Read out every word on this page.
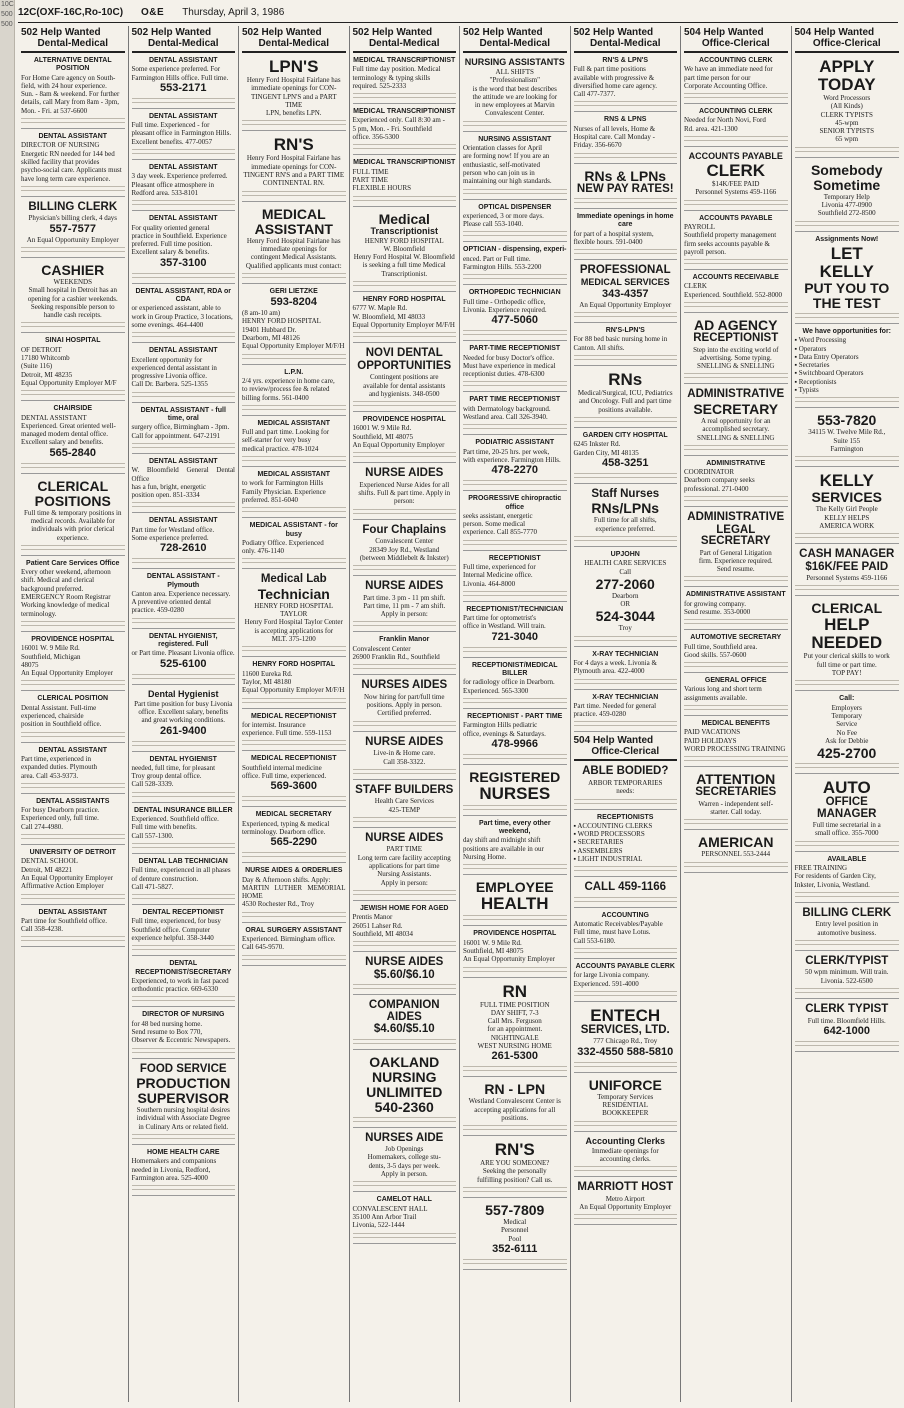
10C
500
500
12C(OXF-16C,Ro-10C) O&E Thursday, April 3, 1986
502 Help Wanted
Dental-Medical
ALTERNATIVE DENTAL POSITION
For Home Care agency on South-
field, with 24 hour experience.
Sun. - 8am & weekend. For further
details, call Mary from 8am - 3pm,
Mon. - Fri. at 537-6600
DENTAL ASSISTANT
DIRECTOR OF NURSING
Energetic RN needed for 144 bed
skilled facility that provides
psycho-social care. Applicants must
have long term care experience.
BILLING CLERK
Physician's billing clerk, 4 days
557-7577
An Equal Opportunity Employer
CASHIER
WEEKENDS
Small hospital in Detroit has an
opening for a cashier weekends.
Seeking responsible person to
handle cash receipts.
SINAI HOSPITAL
OF DETROIT
17180 Whitcomb
(Suite 116)
Detroit, MI 48235
Equal Opportunity Employer M/F
CHAIRSIDE
DENTAL ASSISTANT
Experienced. Great oriented well-
managed modern dental office.
Excellent salary and benefits.
565-2840
CLERICAL
POSITIONS
Full time & temporary positions in
medical records. Available for
individuals with prior clerical
experience.
Patient Care Services Office
Every other weekend, afternoon
shift. Medical and clerical
background preferred.
EMERGENCY Room Registrar
Working knowledge of medical
terminology.
PROVIDENCE HOSPITAL
16001 W. 9 Mile Rd.
Southfield, Michigan
48075
An Equal Opportunity Employer
CLERICAL POSITION
Dental Assistant. Full-time
experienced, chairside
position in Southfield office.
DENTAL ASSISTANT
Part time, experienced in
expanded duties. Plymouth
area. Call 453-9373.
DENTAL ASSISTANTS
For busy Dearborn practice.
Experienced only, full time.
Call 274-4980.
UNIVERSITY OF DETROIT
DENTAL SCHOOL
Detroit, MI 48221
An Equal Opportunity Employer
Affirmative Action Employer
DENTAL ASSISTANT
Part time for Southfield office.
Call 358-4238.
502 Help Wanted
Dental-Medical
DENTAL ASSISTANT
Some experience preferred. For
Farmington Hills office. Full time.
553-2171
DENTAL ASSISTANT
Full time. Experienced - for
pleasant office in Farmington Hills.
Excellent benefits. 477-0057
DENTAL ASSISTANT
3 day week. Experience preferred.
Pleasant office atmosphere in
Redford area. 533-8101
DENTAL ASSISTANT
For quality oriented general
practice in Southfield. Experience
preferred. Full time position.
Excellent salary & benefits.
357-3100
DENTAL ASSISTANT, RDA or CDA
or experienced assistant, able to
work in Group Practice, 3 locations,
some evenings. 464-4400
DENTAL ASSISTANT
Excellent opportunity for
experienced dental assistant in
progressive Livonia office.
Call Dr. Barbera. 525-1355
DENTAL ASSISTANT - full time, oral
surgery office, Birmingham - 3pm.
Call for appointment. 647-2191
DENTAL ASSISTANT
W. Bloomfield General Dental Office
has a fun, bright, energetic
position open. 851-3334
DENTAL ASSISTANT
Part time for Westland office.
Some experience preferred.
728-2610
DENTAL ASSISTANT - Plymouth
Canton area. Experience necessary.
A preventive oriented dental
practice. 459-0280
DENTAL HYGIENIST, registered. Full
or Part time. Pleasant Livonia office.
525-6100
Dental Hygienist
Part time position for busy Livonia
office. Excellent salary, benefits
and great working conditions.
261-9400
DENTAL HYGIENIST
needed, full time, for pleasant
Troy group dental office.
Call 528-3339.
DENTAL INSURANCE BILLER
Experienced. Southfield office.
Full time with benefits.
Call 557-1300.
DENTAL LAB TECHNICIAN
Full time, experienced in all phases
of denture construction.
Call 471-5827.
DENTAL RECEPTIONIST
Full time, experienced, for busy
Southfield office. Computer
experience helpful. 358-3440
DENTAL RECEPTIONIST/SECRETARY
Experienced, to work in fast paced
orthodontic practice. 669-6330
DIRECTOR OF NURSING
for 48 bed nursing home.
Send resume to Box 770,
Observer & Eccentric Newspapers.
FOOD SERVICE
PRODUCTION
SUPERVISOR
Southern nursing hospital desires
individual with Associate Degree
in Culinary Arts or related field.
HOME HEALTH CARE
Homemakers and companions
needed in Livonia, Redford,
Farmington area. 525-4000
502 Help Wanted
Dental-Medical
LPN'S
Henry Ford Hospital Fairlane has
immediate openings for CON-
TINGENT LPN'S and a PART TIME
LPN, benefits LPN.
RN'S
Henry Ford Hospital Fairlane has
immediate openings for CON-
TINGENT RN'S and a PART TIME
CONTINENTAL RN.
MEDICAL
ASSISTANT
Henry Ford Hospital Fairlane has
immediate openings for
contingent Medical Assistants.
Qualified applicants must contact:
GERI LIETZKE
593-8204
(8 am-10 am)
HENRY FORD HOSPITAL
19401 Hubbard Dr.
Dearborn, MI 48126
Equal Opportunity Employer M/F/H
L.P.N.
2/4 yrs. experience in home care,
to review/process fee & related
billing forms. 561-0400
MEDICAL ASSISTANT
Full and part time. Looking for
self-starter for very busy
medical practice. 478-1024
MEDICAL ASSISTANT
to work for Farmington Hills
Family Physician. Experience
preferred. 851-6040
MEDICAL ASSISTANT - for busy
Podiatry Office. Experienced
only. 476-1140
Medical Lab
Technician
HENRY FORD HOSPITAL
TAYLOR
Henry Ford Hospital Taylor Center
is accepting applications for
MLT. 375-1200
HENRY FORD HOSPITAL
11600 Eureka Rd.
Taylor, MI 48180
Equal Opportunity Employer M/F/H
MEDICAL RECEPTIONIST
for internist. Insurance
experience. Full time. 559-1153
MEDICAL RECEPTIONIST
Southfield internal medicine
office. Full time, experienced.
569-3600
MEDICAL SECRETARY
Experienced, typing & medical
terminology. Dearborn office.
565-2290
NURSE AIDES & ORDERLIES
Day & Afternoon shifts. Apply:
MARTIN LUTHER MEMORIAL HOME
4530 Rochester Rd., Troy
ORAL SURGERY ASSISTANT
Experienced. Birmingham office.
Call 645-9570.
502 Help Wanted
Dental-Medical
MEDICAL TRANSCRIPTIONIST
Full time day position. Medical
terminology & typing skills
required. 525-2333
MEDICAL TRANSCRIPTIONIST
Experienced only. Call 8:30 am -
5 pm, Mon. - Fri. Southfield
office. 356-5300
MEDICAL TRANSCRIPTIONIST
FULL TIME
PART TIME
FLEXIBLE HOURS
Medical
Transcriptionist
HENRY FORD HOSPITAL
W. Bloomfield
Henry Ford Hospital W. Bloomfield
is seeking a full time Medical
Transcriptionist.
HENRY FORD HOSPITAL
6777 W. Maple Rd.
W. Bloomfield, MI 48033
Equal Opportunity Employer M/F/H
NOVI DENTAL
OPPORTUNITIES
Contingent positions are
available for dental assistants
and hygienists. 348-0500
PROVIDENCE HOSPITAL
16001 W. 9 Mile Rd.
Southfield, MI 48075
An Equal Opportunity Employer
NURSE AIDES
Experienced Nurse Aides for all
shifts. Full & part time. Apply in
person:
Four Chaplains
Convalescent Center
28349 Joy Rd., Westland
(between Middlebelt & Inkster)
NURSE AIDES
Part time. 3 pm - 11 pm shift.
Part time, 11 pm - 7 am shift.
Apply in person:
Franklin Manor
Convalescent Center
26900 Franklin Rd., Southfield
NURSES AIDES
Now hiring for part/full time
positions. Apply in person.
Certified preferred.
NURSE AIDES
Live-in & Home care.
Call 358-3322.
STAFF BUILDERS
Health Care Services
425-TEMP
NURSE AIDES
PART TIME
Long term care facility accepting
applications for part time
Nursing Assistants.
Apply in person:
JEWISH HOME FOR AGED
Prentis Manor
26051 Lahser Rd.
Southfield, MI 48034
NURSE AIDES
$5.60/$6.10
COMPANION AIDES
$4.60/$5.10
OAKLAND
NURSING
UNLIMITED
540-2360
NURSES AIDE
Job Openings
Homemakers, college stu-
dents, 3-5 days per week.
Apply in person.
CAMELOT HALL
CONVALESCENT HALL
35100 Ann Arbor Trail
Livonia, 522-1444
502 Help Wanted
Dental-Medical
NURSING ASSISTANTS
ALL SHIFTS
"Professionalism"
is the word that best describes
the attitude we are looking for
in new employees at Marvin
Convalescent Center.
NURSING ASSISTANT
Orientation classes for April
are forming now! If you are an
enthusiastic, self-motivated
person who can join us in
maintaining our high standards.
OPTICAL DISPENSER
experienced, 3 or more days.
Please call 553-1040.
OPTICIAN - dispensing, experi-
enced. Part or Full time.
Farmington Hills. 553-2200
ORTHOPEDIC TECHNICIAN
Full time - Orthopedic office,
Livonia. Experience required.
477-5060
PART-TIME RECEPTIONIST
Needed for busy Doctor's office.
Must have experience in medical
receptionist duties. 478-6300
PART TIME RECEPTIONIST
with Dermatology background.
Westland area. Call 326-3940.
PODIATRIC ASSISTANT
Part time, 20-25 hrs. per week,
with experience. Farmington Hills.
478-2270
PROGRESSIVE chiropractic office
seeks assistant, energetic
person. Some medical
experience. Call 855-7770
RECEPTIONIST
Full time, experienced for
Internal Medicine office.
Livonia. 464-8000
RECEPTIONIST/TECHNICIAN
Part time for optometrist's
office in Westland. Will train.
721-3040
RECEPTIONIST/MEDICAL BILLER
for radiology office in Dearborn.
Experienced. 565-3300
RECEPTIONIST - PART TIME
Farmington Hills pediatric
office, evenings & Saturdays.
478-9966
REGISTERED
NURSES
Part time, every other weekend,
day shift and midnight shift
positions are available in our
Nursing Home.
EMPLOYEE
HEALTH
PROVIDENCE HOSPITAL
16001 W. 9 Mile Rd.
Southfield, MI 48075
An Equal Opportunity Employer
RN
FULL TIME POSITION
DAY SHIFT, 7-3
Call Mrs. Ferguson
for an appointment.
NIGHTINGALE
WEST NURSING HOME
261-5300
RN - LPN
Westland Convalescent Center is
accepting applications for all
positions.
RN'S
ARE YOU SOMEONE?
Seeking the personally
fulfilling position? Call us.
557-7809
Medical
Personnel
Pool
352-6111
502 Help Wanted
Dental-Medical
RN'S & LPN'S
Full & part time positions
available with progressive &
diversified home care agency.
Call 477-7377.
RNS & LPNS
Nurses of all levels, Home &
Hospital care. Call Monday -
Friday. 356-6670
RNs & LPNs
NEW PAY RATES!
Immediate openings in home care
for part of a hospital system,
flexible hours. 591-0400
PROFESSIONAL
MEDICAL SERVICES
343-4357
An Equal Opportunity Employer
RN'S-LPN'S
For 88 bed basic nursing home in
Canton. All shifts.
RNs
Medical/Surgical, ICU, Pediatrics
and Oncology. Full and part time
positions available.
GARDEN CITY HOSPITAL
6245 Inkster Rd.
Garden City, MI 48135
458-3251
Staff Nurses
RNs/LPNs
Full time for all shifts,
experience preferred.
UPJOHN
HEALTH CARE SERVICES
Call
277-2060
Dearborn
OR
524-3044
Troy
X-RAY TECHNICIAN
For 4 days a week. Livonia &
Plymouth area. 422-4000
X-RAY TECHNICIAN
Part time. Needed for general
practice. 459-0280
504 Help Wanted
Office-Clerical
ABLE BODIED?
ARBOR TEMPORARIES
needs:
RECEPTIONISTS
▪ ACCOUNTING CLERKS
▪ WORD PROCESSORS
▪ SECRETARIES
▪ ASSEMBLERS
▪ LIGHT INDUSTRIAL
CALL 459-1166
ACCOUNTING
Automatic Receivables/Payable
Full time, must have Lotus.
Call 553-6180.
ACCOUNTS PAYABLE CLERK
for large Livonia company.
Experienced. 591-4000
ENTECH
SERVICES, LTD.
777 Chicago Rd., Troy
332-4550 588-5810
UNIFORCE
Temporary Services
RESIDENTIAL
BOOKKEEPER
Accounting Clerks
Immediate openings for
accounting clerks.
MARRIOTT HOST
Metro Airport
An Equal Opportunity Employer
504 Help Wanted
Office-Clerical
ACCOUNTING CLERK
We have an immediate need for
part time person for our
Corporate Accounting Office.
ACCOUNTING CLERK
Needed for North Novi, Ford
Rd. area. 421-1300
ACCOUNTS PAYABLE
CLERK
$14K/FEE PAID
Personnel Systems 459-1166
ACCOUNTS PAYABLE
PAYROLL
Southfield property management
firm seeks accounts payable &
payroll person.
ACCOUNTS RECEIVABLE
CLERK
Experienced. Southfield. 552-8000
AD AGENCY
RECEPTIONIST
Step into the exciting world of
advertising. Some typing.
SNELLING & SNELLING
ADMINISTRATIVE
SECRETARY
A real opportunity for an
accomplished secretary.
SNELLING & SNELLING
ADMINISTRATIVE
COORDINATOR
Dearborn company seeks
professional. 271-0400
ADMINISTRATIVE
LEGAL SECRETARY
Part of General Litigation
firm. Experience required.
Send resume.
ADMINISTRATIVE ASSISTANT
for growing company.
Send resume. 353-0000
AUTOMOTIVE SECRETARY
Full time, Southfield area.
Good skills. 557-0600
GENERAL OFFICE
Various long and short term
assignments available.
MEDICAL BENEFITS
PAID VACATIONS
PAID HOLIDAYS
WORD PROCESSING TRAINING
ATTENTION
SECRETARIES
Warren - independent self-
starter. Call today.
AMERICAN
PERSONNEL 553-2444
504 Help Wanted
Office-Clerical
APPLY
TODAY
Word Processors
(All Kinds)
CLERK TYPISTS
45-wpm
SENIOR TYPISTS
65 wpm
Somebody
Sometime
Temporary Help
Livonia 477-0900
Southfield 272-8500
Assignments Now!
LET
KELLY
PUT YOU TO
THE TEST
We have opportunities for:
▪ Word Processing
▪ Operators
▪ Data Entry Operators
▪ Secretaries
▪ Switchboard Operators
▪ Receptionists
▪ Typists
553-7820
34115 W. Twelve Mile Rd.,
Suite 155
Farmington
KELLY
SERVICES
The Kelly Girl People
KELLY HELPS
AMERICA WORK
CASH MANAGER
$16K/FEE PAID
Personnel Systems 459-1166
CLERICAL
HELP
NEEDED
Put your clerical skills to work
full time or part time.
TOP PAY!
Call:
Employers
Temporary
Service
No Fee
Ask for Debbie
425-2700
AUTO
OFFICE MANAGER
Full time secretarial in a
small office. 355-7000
AVAILABLE
FREE TRAINING
For residents of Garden City,
Inkster, Livonia, Westland.
BILLING CLERK
Entry level position in
automotive business.
CLERK/TYPIST
50 wpm minimum. Will train.
Livonia. 522-6500
CLERK TYPIST
Full time. Bloomfield Hills.
642-1000
